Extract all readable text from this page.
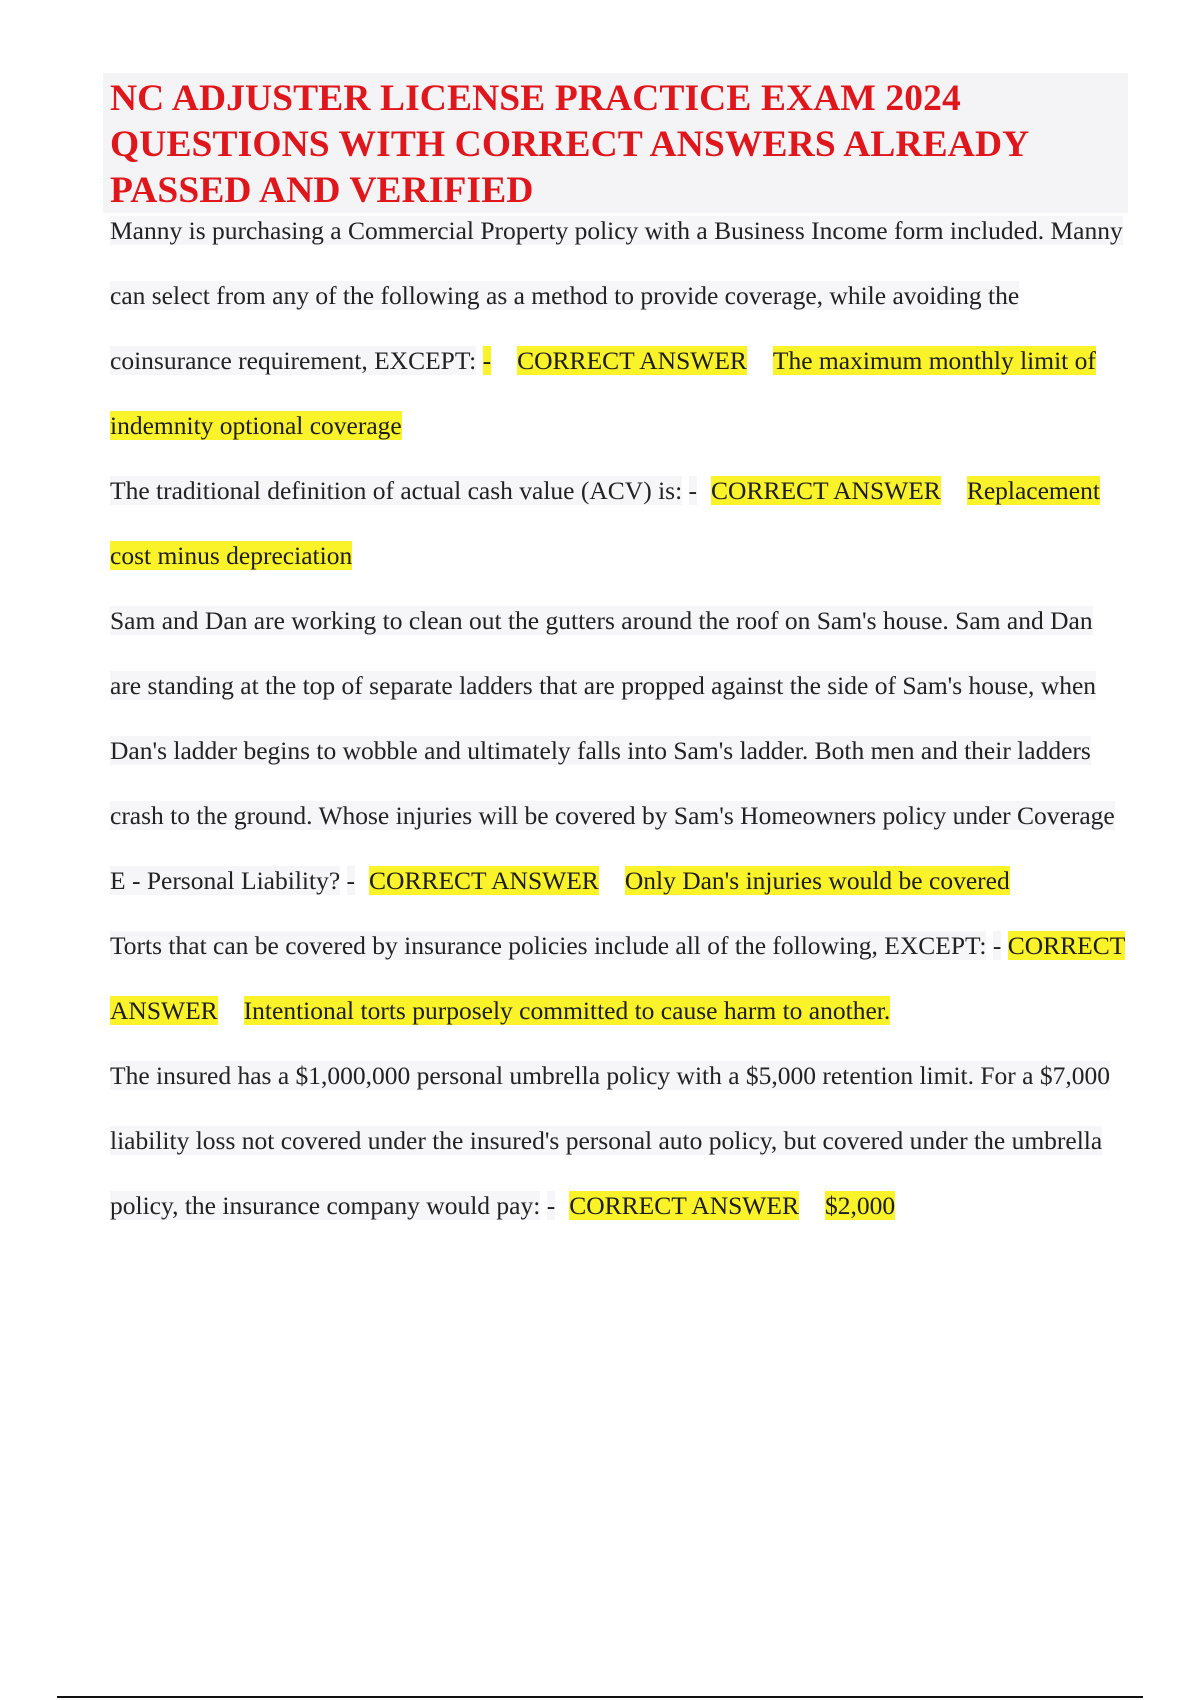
NC ADJUSTER LICENSE PRACTICE EXAM 2024
QUESTIONS WITH CORRECT ANSWERS ALREADY
PASSED AND VERIFIED

Manny is purchasing a Commercial Property policy with a Business Income form included. Manny can select from any of the following as a method to provide coverage, while avoiding the coinsurance requirement, EXCEPT: - CORRECT ANSWER The maximum monthly limit of indemnity optional coverage

The traditional definition of actual cash value (ACV) is: - CORRECT ANSWER Replacement cost minus depreciation

Sam and Dan are working to clean out the gutters around the roof on Sam's house. Sam and Dan are standing at the top of separate ladders that are propped against the side of Sam's house, when Dan's ladder begins to wobble and ultimately falls into Sam's ladder. Both men and their ladders crash to the ground. Whose injuries will be covered by Sam's Homeowners policy under Coverage E - Personal Liability? - CORRECT ANSWER Only Dan's injuries would be covered

Torts that can be covered by insurance policies include all of the following, EXCEPT: - CORRECT ANSWER Intentional torts purposely committed to cause harm to another.

The insured has a $1,000,000 personal umbrella policy with a $5,000 retention limit. For a $7,000 liability loss not covered under the insured's personal auto policy, but covered under the umbrella policy, the insurance company would pay: - CORRECT ANSWER $2,000
